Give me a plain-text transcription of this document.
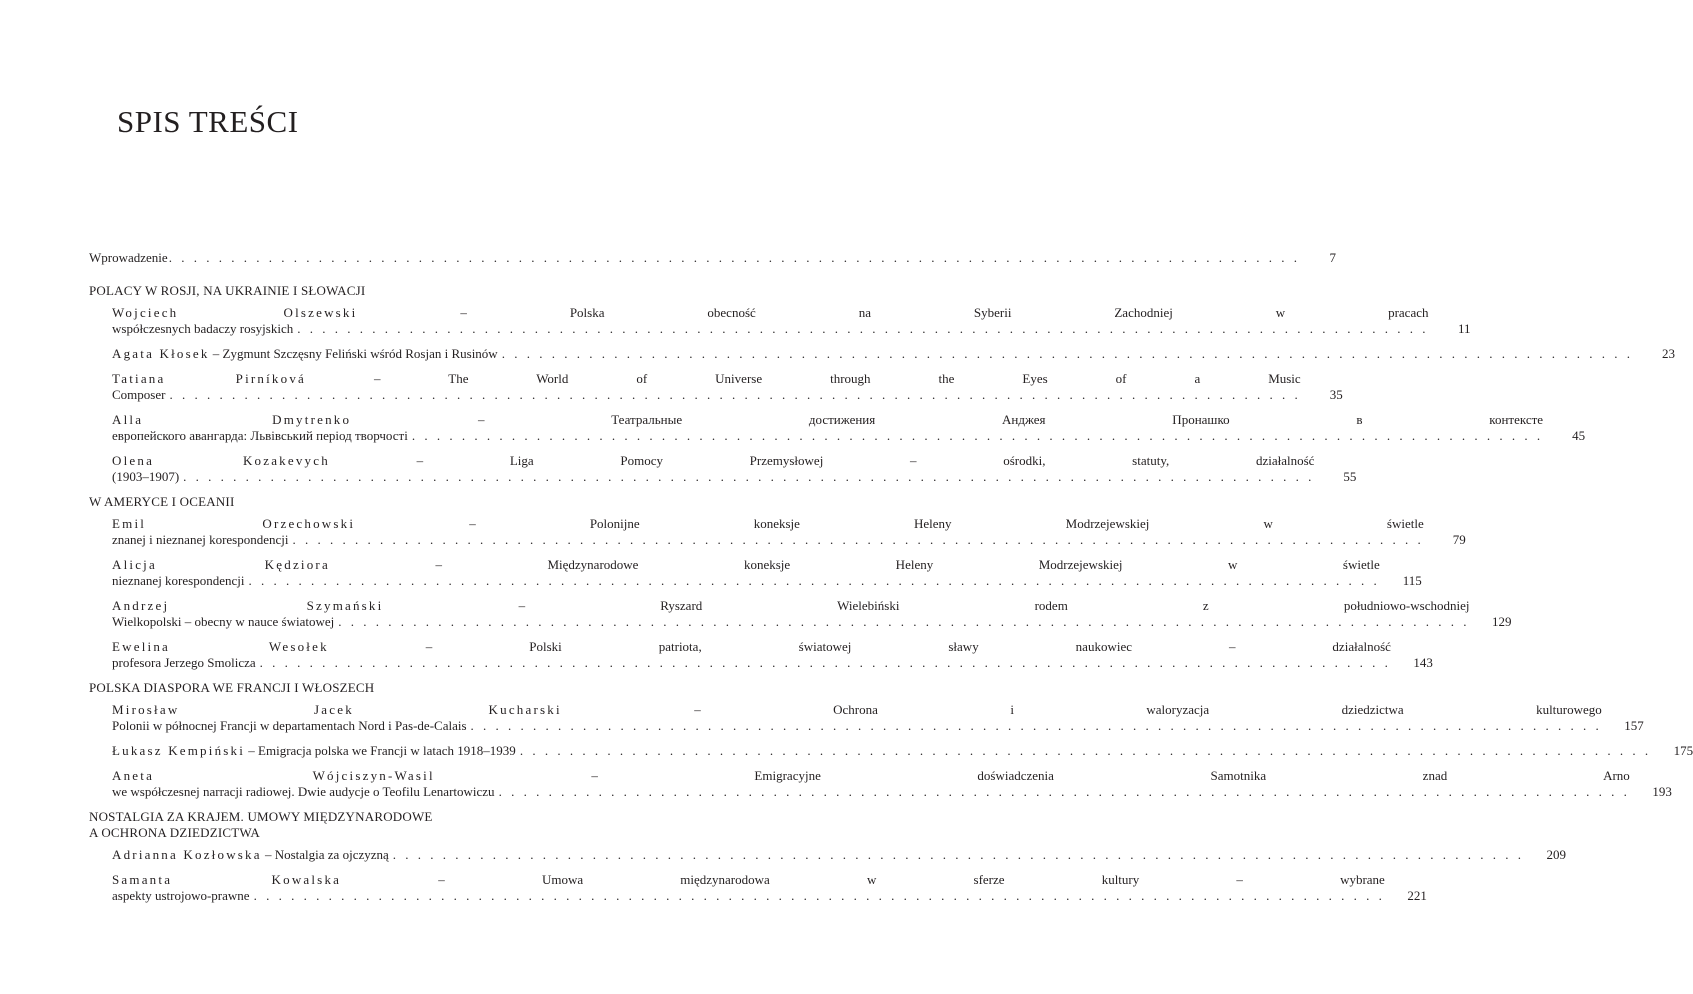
SPIS TREŚCI
Wprowadzenie . . . . . . . . . . . . . . . . . . . . . . . . . . . . . . . . . . . . . . . . . . . . . . . . . . . . . . . . . . . . . . . . . . . . . . . . . . . . . . . . . . . . . . . . . . .	7
POLACY W ROSJI, NA UKRAINIE I SŁOWACJI
Wojciech Olszewski	– Polska obecność na Syberii Zachodniej w pracach
współczesnych badaczy rosyjskich . . . . . . . . . . . . . . . . . . . . . . . . . . . . . . . . . . . . . . . . . . . . . . . . . . . . . . . . . . . . . . . . . . . . . . . . . . . . . . . . . . . . . . . . . . .	11
Agata Kłosek – Zygmunt Szczęsny Feliński wśród Rosjan i Rusinów . . . . . . . . . . . . . . . . . . . . . . . . . . . . . . . . . . . . . . . . . . . . . . . . . . . . . . . . . . . . . . . . . . . . . . . . . . . . . . . . . . . . . . . . . . .	23
Tatiana Pirníková	– The World of Universe through the Eyes of a Music
Composer . . . . . . . . . . . . . . . . . . . . . . . . . . . . . . . . . . . . . . . . . . . . . . . . . . . . . . . . . . . . . . . . . . . . . . . . . . . . . . . . . . . . . . . . . . .	35
Alla Dmytrenko	– Театральные достижения Анджея Пронашко в контексте
европейского авангарда: Львівський період творчості . . . . . . . . . . . . . . . . . . . . . . . . . . . . . . . . . . . . . . . . . . . . . . . . . . . . . . . . . . . . . . . . . . . . . . . . . . . . . . . . . . . . . . . . . . .	45
Olena Kozakevych	– Liga Pomocy Przemysłowej – ośrodki, statuty, działalność
(1903–1907) . . . . . . . . . . . . . . . . . . . . . . . . . . . . . . . . . . . . . . . . . . . . . . . . . . . . . . . . . . . . . . . . . . . . . . . . . . . . . . . . . . . . . . . . . . .	55
W AMERYCE I OCEANII
Emil Orzechowski	– Polonijne koneksje Heleny Modrzejewskiej w świetle
znanej i nieznanej korespondencji . . . . . . . . . . . . . . . . . . . . . . . . . . . . . . . . . . . . . . . . . . . . . . . . . . . . . . . . . . . . . . . . . . . . . . . . . . . . . . . . . . . . . . . . . . .	79
Alicja Kędziora	– Międzynarodowe koneksje Heleny Modrzejewskiej w świetle
nieznanej korespondencji . . . . . . . . . . . . . . . . . . . . . . . . . . . . . . . . . . . . . . . . . . . . . . . . . . . . . . . . . . . . . . . . . . . . . . . . . . . . . . . . . . . . . . . . . . .	115
Andrzej Szymański	– Ryszard Wielebiński rodem z południowo-wschodniej
Wielkopolski – obecny w nauce światowej . . . . . . . . . . . . . . . . . . . . . . . . . . . . . . . . . . . . . . . . . . . . . . . . . . . . . . . . . . . . . . . . . . . . . . . . . . . . . . . . . . . . . . . . . . .	129
Ewelina Wesołek	– Polski patriota, światowej sławy naukowiec – działalność
profesora Jerzego Smolicza . . . . . . . . . . . . . . . . . . . . . . . . . . . . . . . . . . . . . . . . . . . . . . . . . . . . . . . . . . . . . . . . . . . . . . . . . . . . . . . . . . . . . . . . . . .	143
POLSKA DIASPORA WE FRANCJI I WŁOSZECH
Mirosław Jacek Kucharski	– Ochrona i waloryzacja dziedzictwa kulturowego
Polonii w północnej Francji w departamentach Nord i Pas-de-Calais . . . . . . . . . . . . . . . . . . . . . . . . . . . . . . . . . . . . . . . . . . . . . . . . . . . . . . . . . . . . . . . . . . . . . . . . . . . . . . . . . . . . . . . . . . .	157
Łukasz Kempiński – Emigracja polska we Francji w latach 1918–1939 . . . . . . . . . . . . . . . . . . . . . . . . . . . . . . . . . . . . . . . . . . . . . . . . . . . . . . . . . . . . . . . . . . . . . . . . . . . . . . . . . . . . . . . . . . .	175
Aneta Wójciszyn-Wasil	– Emigracyjne doświadczenia Samotnika znad Arno
we współczesnej narracji radiowej. Dwie audycje o Teofilu Lenartowiczu . . . . . . . . . . . . . . . . . . . . . . . . . . . . . . . . . . . . . . . . . . . . . . . . . . . . . . . . . . . . . . . . . . . . . . . . . . . . . . . . . . . . . . . . . . .	193
NOSTALGIA ZA KRAJEM. UMOWY MIĘDZYNARODOWE
A OCHRONA DZIEDZICTWA
Adrianna Kozłowska – Nostalgia za ojczyzną . . . . . . . . . . . . . . . . . . . . . . . . . . . . . . . . . . . . . . . . . . . . . . . . . . . . . . . . . . . . . . . . . . . . . . . . . . . . . . . . . . . . . . . . . . .	209
Samanta Kowalska	– Umowa międzynarodowa w sferze kultury – wybrane
aspekty ustrojowo-prawne . . . . . . . . . . . . . . . . . . . . . . . . . . . . . . . . . . . . . . . . . . . . . . . . . . . . . . . . . . . . . . . . . . . . . . . . . . . . . . . . . . . . . . . . . . .	221
